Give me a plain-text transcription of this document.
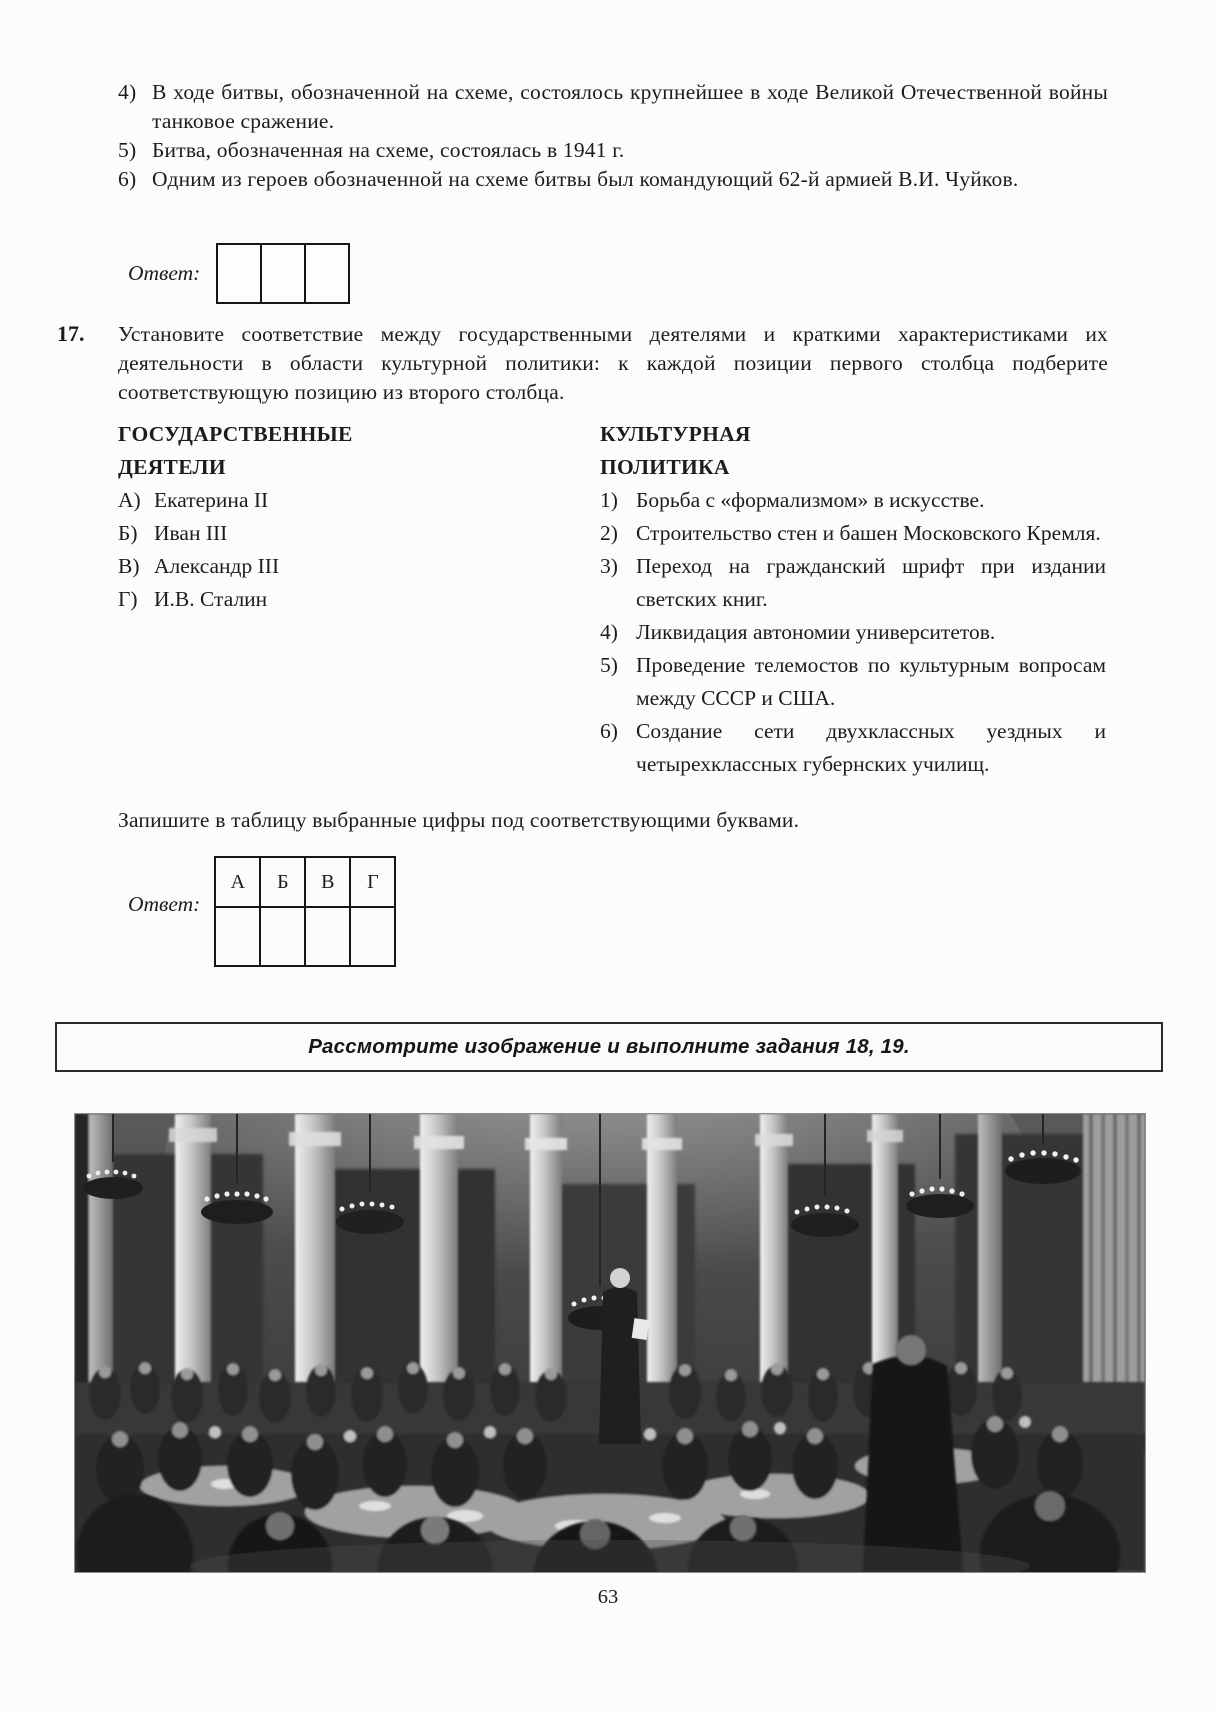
4) В ходе битвы, обозначенной на схеме, состоялось крупнейшее в ходе Великой Отечественной войны танковое сражение.
5) Битва, обозначенная на схеме, состоялась в 1941 г.
6) Одним из героев обозначенной на схеме битвы был командующий 62-й армией В.И. Чуйков.
Ответ:
17. Установите соответствие между государственными деятелями и краткими характеристиками их деятельности в области культурной политики: к каждой позиции первого столбца подберите соответствующую позицию из второго столбца.
ГОСУДАРСТВЕННЫЕ
ДЕЯТЕЛИ
А) Екатерина II
Б) Иван III
В) Александр III
Г) И.В. Сталин
КУЛЬТУРНАЯ
ПОЛИТИКА
1) Борьба с «формализмом» в искусстве.
2) Строительство стен и башен Московского Кремля.
3) Переход на гражданский шрифт при издании светских книг.
4) Ликвидация автономии университетов.
5) Проведение телемостов по культурным вопросам между СССР и США.
6) Создание сети двухклассных уездных и четырехклассных губернских училищ.
Запишите в таблицу выбранные цифры под соответствующими буквами.
Ответ:
А	Б	В	Г

Рассмотрите изображение и выполните задания 18, 19.
63
